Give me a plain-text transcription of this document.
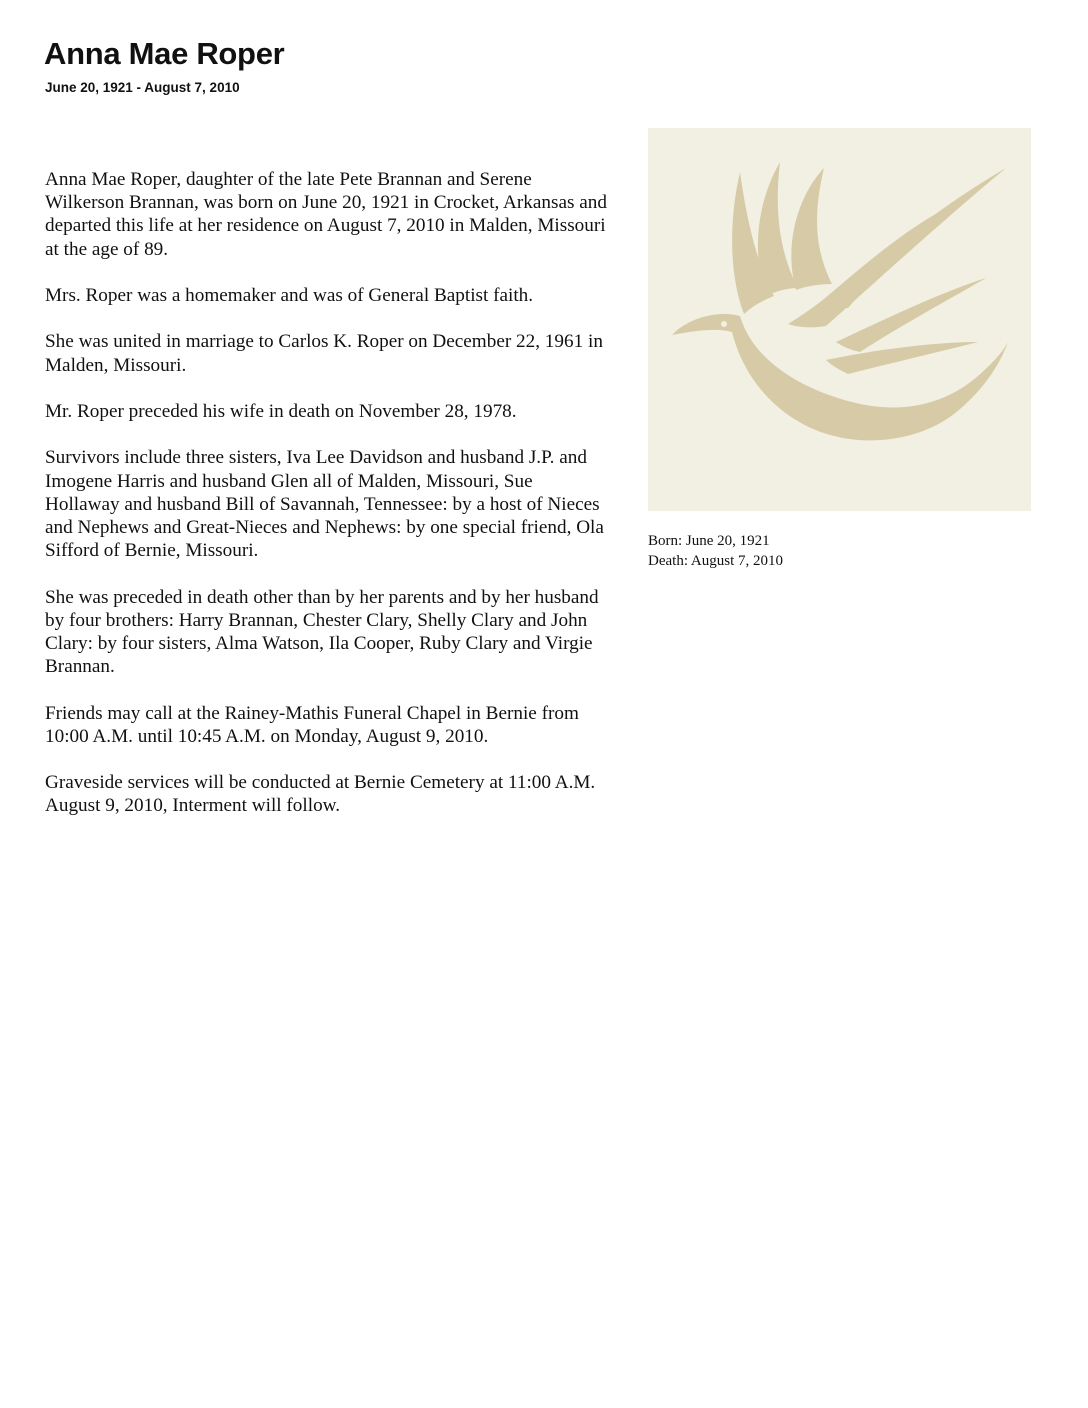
Anna Mae Roper
June 20, 1921 - August 7, 2010

Anna Mae Roper, daughter of the late Pete Brannan and Serene Wilkerson Brannan, was born on June 20, 1921 in Crocket, Arkansas and departed this life at her residence on August 7, 2010 in Malden, Missouri at the age of 89.

Mrs. Roper was a homemaker and was of General Baptist faith.

She was united in marriage to Carlos K. Roper on December 22, 1961 in Malden, Missouri.

Mr. Roper preceded his wife in death on November 28, 1978.

Survivors include three sisters, Iva Lee Davidson and husband J.P. and Imogene Harris and husband Glen all of Malden, Missouri, Sue Hollaway and husband Bill of Savannah, Tennessee: by a host of Nieces and Nephews and Great-Nieces and Nephews: by one special friend, Ola Sifford of Bernie, Missouri.

She was preceded in death other than by her parents and by her husband by four brothers: Harry Brannan, Chester Clary, Shelly Clary and John Clary: by four sisters, Alma Watson, Ila Cooper, Ruby Clary and Virgie Brannan.

Friends may call at the Rainey-Mathis Funeral Chapel in Bernie from 10:00 A.M. until 10:45 A.M. on Monday, August 9, 2010.

Graveside services will be conducted at Bernie Cemetery at 11:00 A.M. August 9, 2010, Interment will follow.

Born: June 20, 1921
Death: August 7, 2010
